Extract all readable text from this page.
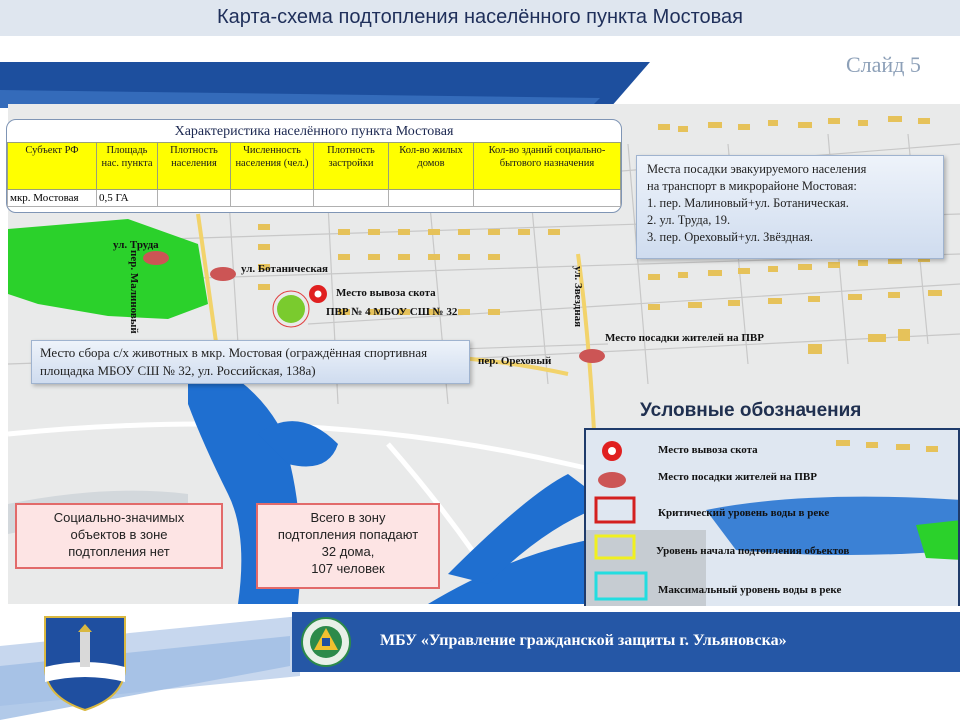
Карта-схема подтопления населённого пункта Мостовая
Слайд 5
ул. Труда
ул. Ботаническая
пер. Малиновый	ул. Звездная
пер. Ореховый
Место вывоза скота
ПВР № 4 МБОУ СШ № 32
Место посадки жителей на ПВР
Характеристика населённого пункта Мостовая
Субъект РФ	Площадь нас. пункта	Плотность населения	Численность населения (чел.)	Плотность застройки	Кол-во жилых домов	Кол-во зданий социально-бытового назначения
мкр. Мостовая	0,5 ГА					
Места посадки эвакуируемого населения
на транспорт в микрорайоне Мостовая:
1. пер. Малиновый+ул. Ботаническая.
2. ул. Труда, 19.
3. пер. Ореховый+ул. Звёздная.
Место сбора с/х животных в мкр. Мостовая (ограждённая спортивная площадка МБОУ СШ № 32, ул. Российская, 138а)
Социально-значимых
объектов в зоне
подтопления нет
Всего в зону
подтопления попадают
32 дома,
107 человек
Условные обозначения
Место вывоза скота
Место посадки жителей на ПВР
Критический уровень воды в реке
Уровень начала подтопления объектов
Максимальный уровень воды в реке
МБУ «Управление гражданской защиты г. Ульяновска»
